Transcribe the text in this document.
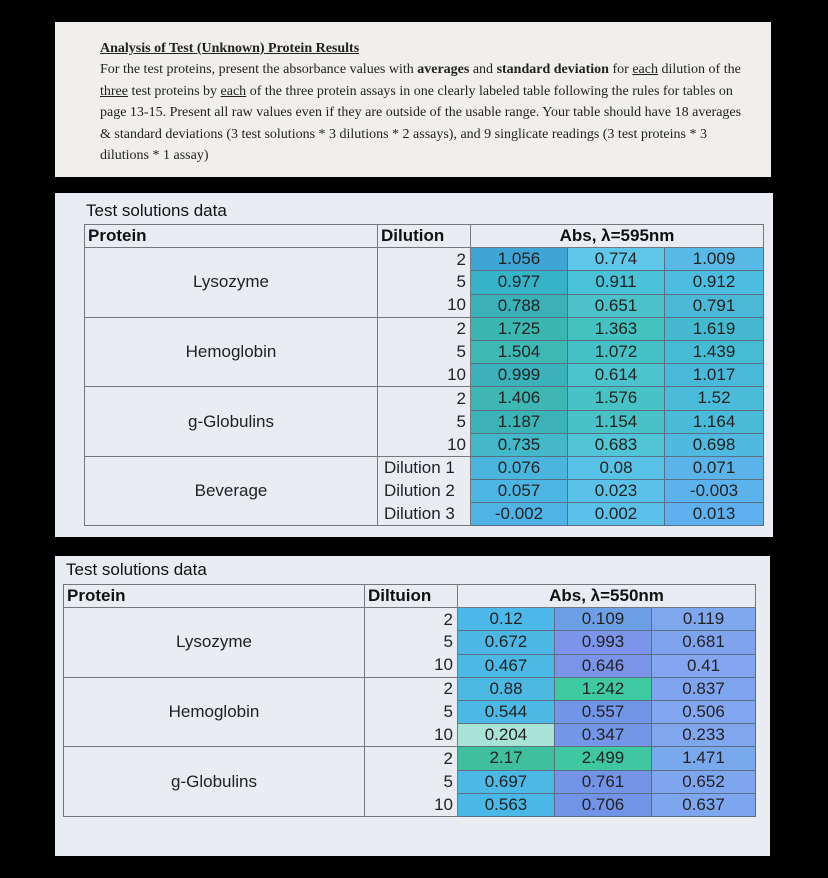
Analysis of Test (Unknown) Protein Results
For the test proteins, present the absorbance values with averages and standard deviation for each dilution of the three test proteins by each of the three protein assays in one clearly labeled table following the rules for tables on page 13-15. Present all raw values even if they are outside of the usable range. Your table should have 18 averages & standard deviations (3 test solutions * 3 dilutions * 2 assays), and 9 singlicate readings (3 test proteins * 3 dilutions * 1 assay)
Test solutions data
Protein	Dilution	Abs, λ=595nm		
Lysozyme	2	1.056	0.774	1.009
	5	0.977	0.911	0.912
	10	0.788	0.651	0.791
Hemoglobin	2	1.725	1.363	1.619
	5	1.504	1.072	1.439
	10	0.999	0.614	1.017
g-Globulins	2	1.406	1.576	1.52
	5	1.187	1.154	1.164
	10	0.735	0.683	0.698
Beverage	Dilution 1	0.076	0.08	0.071
	Dilution 2	0.057	0.023	-0.003
	Dilution 3	-0.002	0.002	0.013
Test solutions data
Protein	Diltuion	Abs, λ=550nm		
Lysozyme	2	0.12	0.109	0.119
	5	0.672	0.993	0.681
	10	0.467	0.646	0.41
Hemoglobin	2	0.88	1.242	0.837
	5	0.544	0.557	0.506
	10	0.204	0.347	0.233
g-Globulins	2	2.17	2.499	1.471
	5	0.697	0.761	0.652
	10	0.563	0.706	0.637
